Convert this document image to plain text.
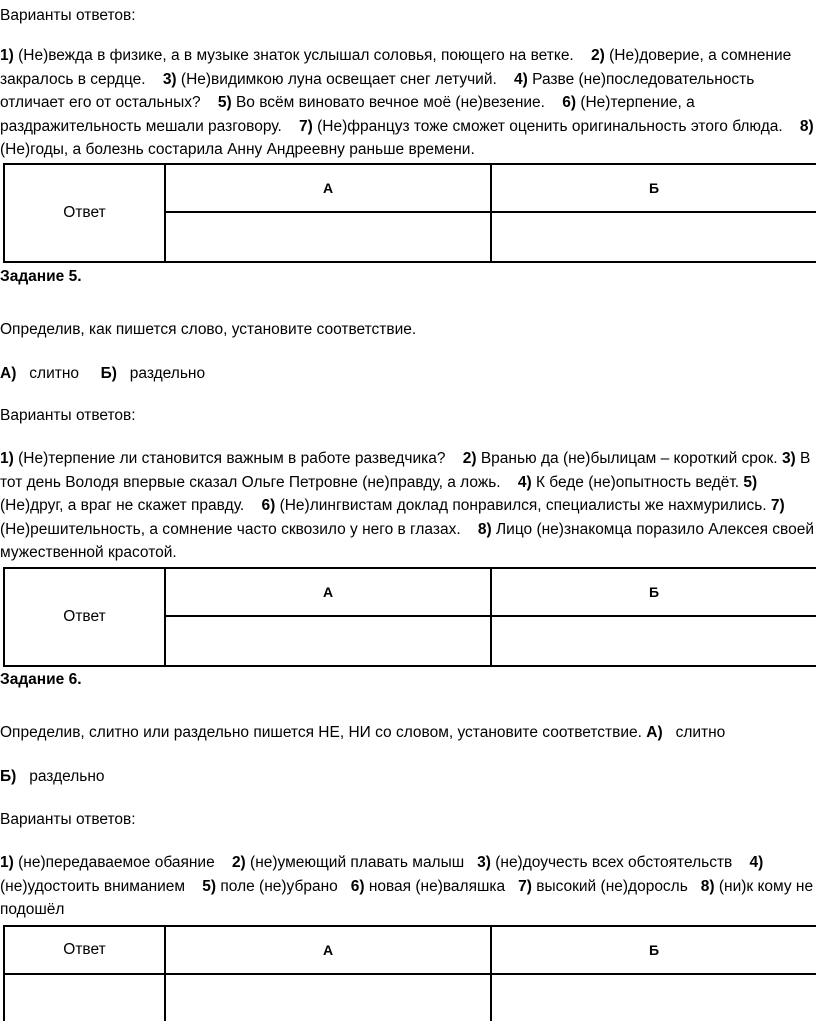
Варианты ответов:

1) (Не)вежда в физике, а в музыке знаток услышал соловья, поющего на ветке. 2) (Не)доверие, а сомнение закралось в сердце. 3) (Не)видимкою луна освещает снег летучий. 4) Разве (не)последовательность отличает его от остальных? 5) Во всём виновато вечное моё (не)везение. 6) (Не)терпение, а раздражительность мешали разговору. 7) (Не)француз тоже сможет оценить оригинальность этого блюда. 8) (Не)годы, а болезнь состарила Анну Андреевну раньше времени.

Ответ	А	Б

Задание 5.

Определив, как пишется слово, установите соответствие.

А) слитно Б) раздельно

Варианты ответов:

1) (Не)терпение ли становится важным в работе разведчика? 2) Вранью да (не)былицам – короткий срок. 3) В тот день Володя впервые сказал Ольге Петровне (не)правду, а ложь. 4) К беде (не)опытность ведёт. 5) (Не)друг, а враг не скажет правду. 6) (Не)лингвистам доклад понравился, специалисты же нахмурились. 7) (Не)решительность, а сомнение часто сквозило у него в глазах. 8) Лицо (не)знакомца поразило Алексея своей мужественной красотой.

Ответ	А	Б

Задание 6.

Определив, слитно или раздельно пишется НЕ, НИ со словом, установите соответствие. А) слитно

Б) раздельно

Варианты ответов:

1) (не)передаваемое обаяние 2) (не)умеющий плавать малыш 3) (не)доучесть всех обстоятельств 4) (не)удостоить вниманием 5) поле (не)убрано 6) новая (не)валяшка 7) высокий (не)доросль 8) (ни)к кому не подошёл

Ответ	А	Б
